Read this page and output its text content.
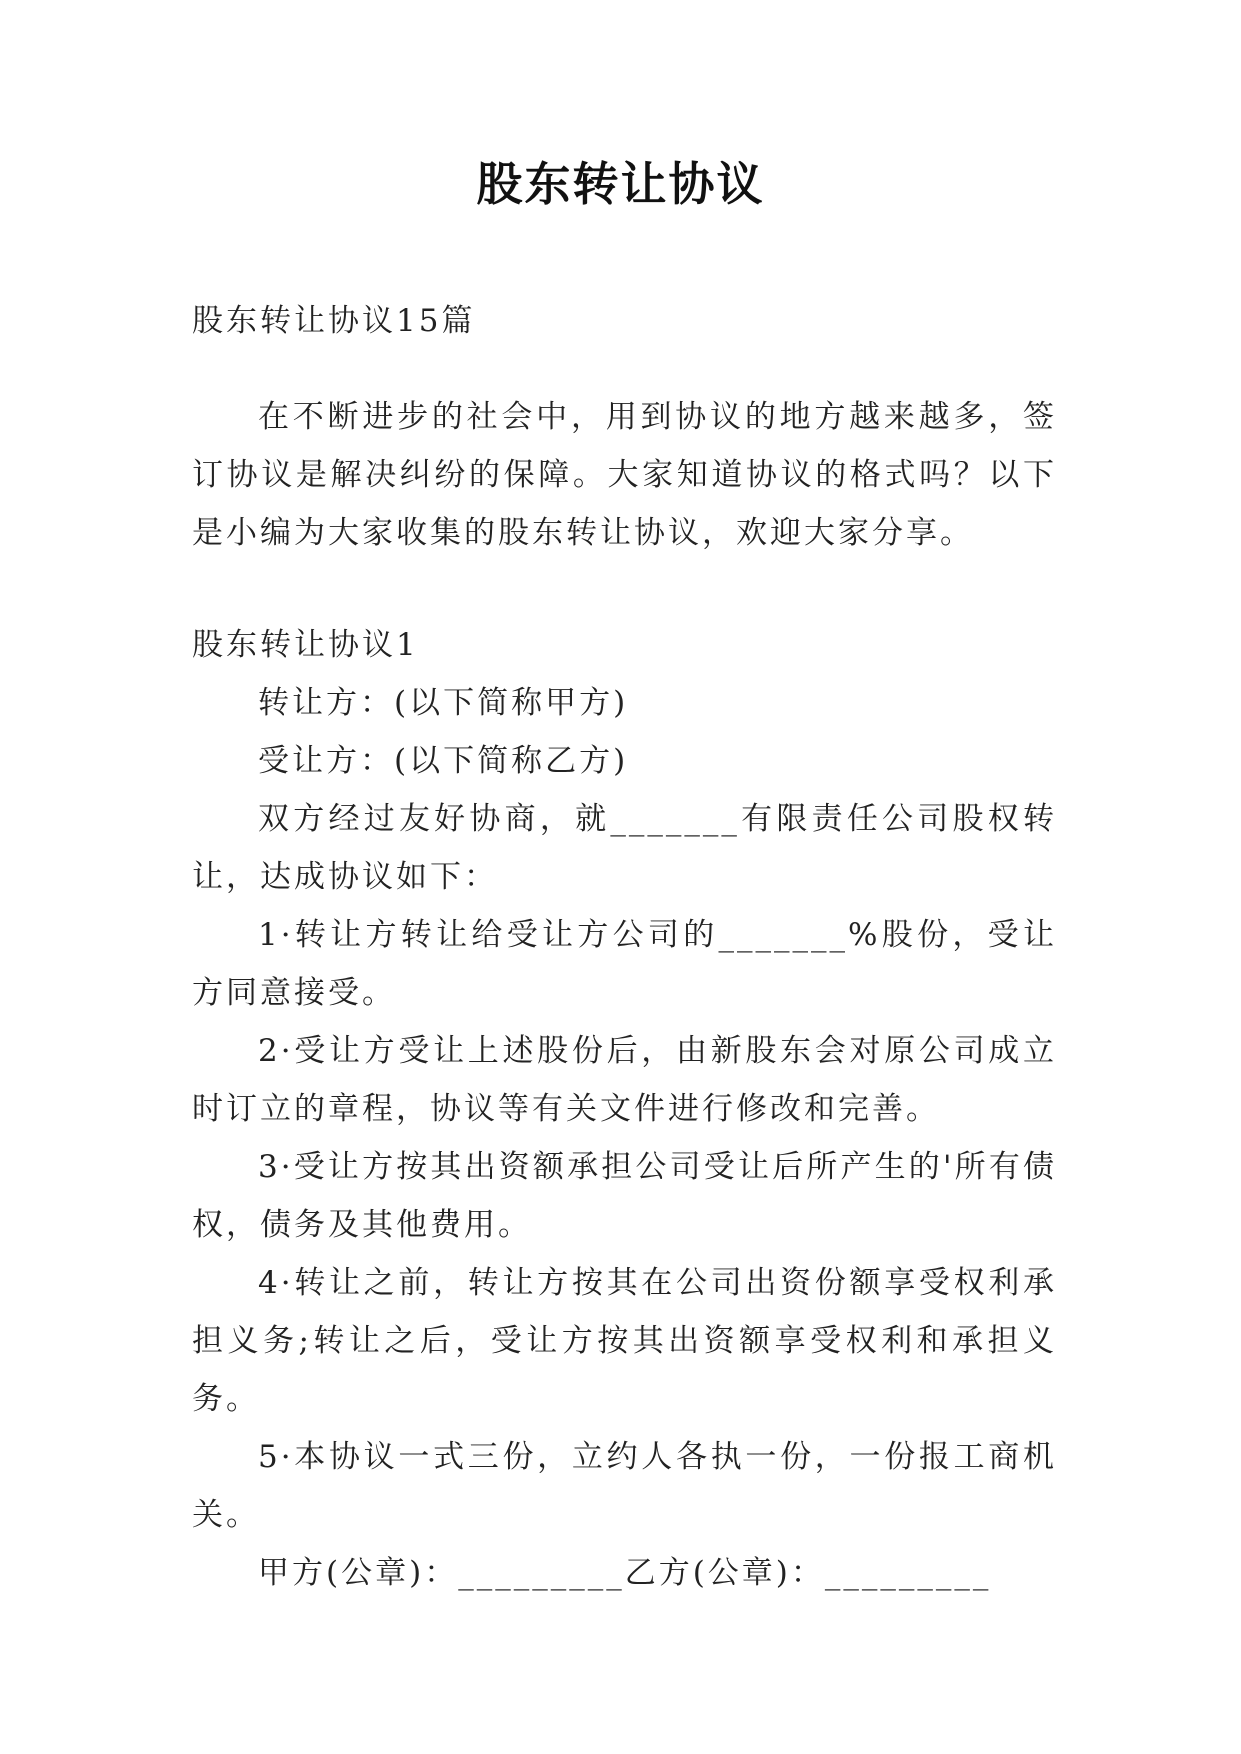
股东转让协议

股东转让协议15篇

在不断进步的社会中，用到协议的地方越来越多，签订协议是解决纠纷的保障。大家知道协议的格式吗？以下是小编为大家收集的股东转让协议，欢迎大家分享。

股东转让协议1

转让方：(以下简称甲方)

受让方：(以下简称乙方)

双方经过友好协商，就_______有限责任公司股权转让，达成协议如下：

1·转让方转让给受让方公司的_______%股份，受让方同意接受。

2·受让方受让上述股份后，由新股东会对原公司成立时订立的章程，协议等有关文件进行修改和完善。

3·受让方按其出资额承担公司受让后所产生的'所有债权，债务及其他费用。

4·转让之前，转让方按其在公司出资份额享受权利承担义务;转让之后，受让方按其出资额享受权利和承担义务。

5·本协议一式三份，立约人各执一份，一份报工商机关。

甲方(公章)：_________乙方(公章)：_________
